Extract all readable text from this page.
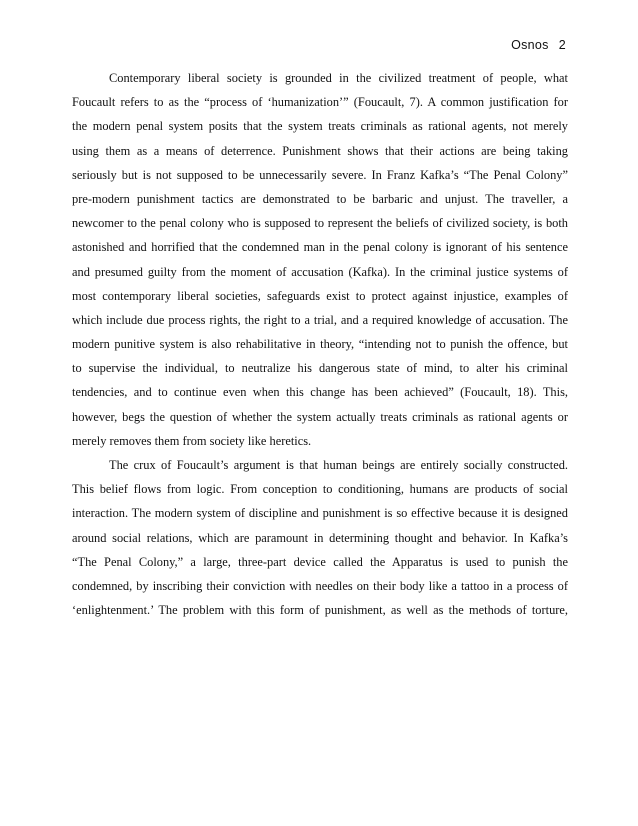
Osnos 2
Contemporary liberal society is grounded in the civilized treatment of people, what
Foucault refers to as the “process of ‘humanization’” (Foucault, 7). A common justification for
the modern penal system posits that the system treats criminals as rational agents, not merely
using them as a means of deterrence. Punishment shows that their actions are being taking
seriously but is not supposed to be unnecessarily severe. In Franz Kafka’s “The Penal Colony”
pre-modern punishment tactics are demonstrated to be barbaric and unjust. The traveller, a
newcomer to the penal colony who is supposed to represent the beliefs of civilized society, is both
astonished and horrified that the condemned man in the penal colony is ignorant of his sentence
and presumed guilty from the moment of accusation (Kafka). In the criminal justice systems of
most contemporary liberal societies, safeguards exist to protect against injustice, examples of
which include due process rights, the right to a trial, and a required knowledge of accusation. The
modern punitive system is also rehabilitative in theory, “intending not to punish the offence, but
to supervise the individual, to neutralize his dangerous state of mind, to alter his criminal
tendencies, and to continue even when this change has been achieved” (Foucault, 18). This,
however, begs the question of whether the system actually treats criminals as rational agents or
merely removes them from society like heretics.
The crux of Foucault’s argument is that human beings are entirely socially constructed.
This belief flows from logic. From conception to conditioning, humans are products of social
interaction. The modern system of discipline and punishment is so effective because it is designed
around social relations, which are paramount in determining thought and behavior. In Kafka’s
“The Penal Colony,” a large, three-part device called the Apparatus is used to punish the
condemned, by inscribing their conviction with needles on their body like a tattoo in a process of
‘enlightenment.’ The problem with this form of punishment, as well as the methods of torture,
